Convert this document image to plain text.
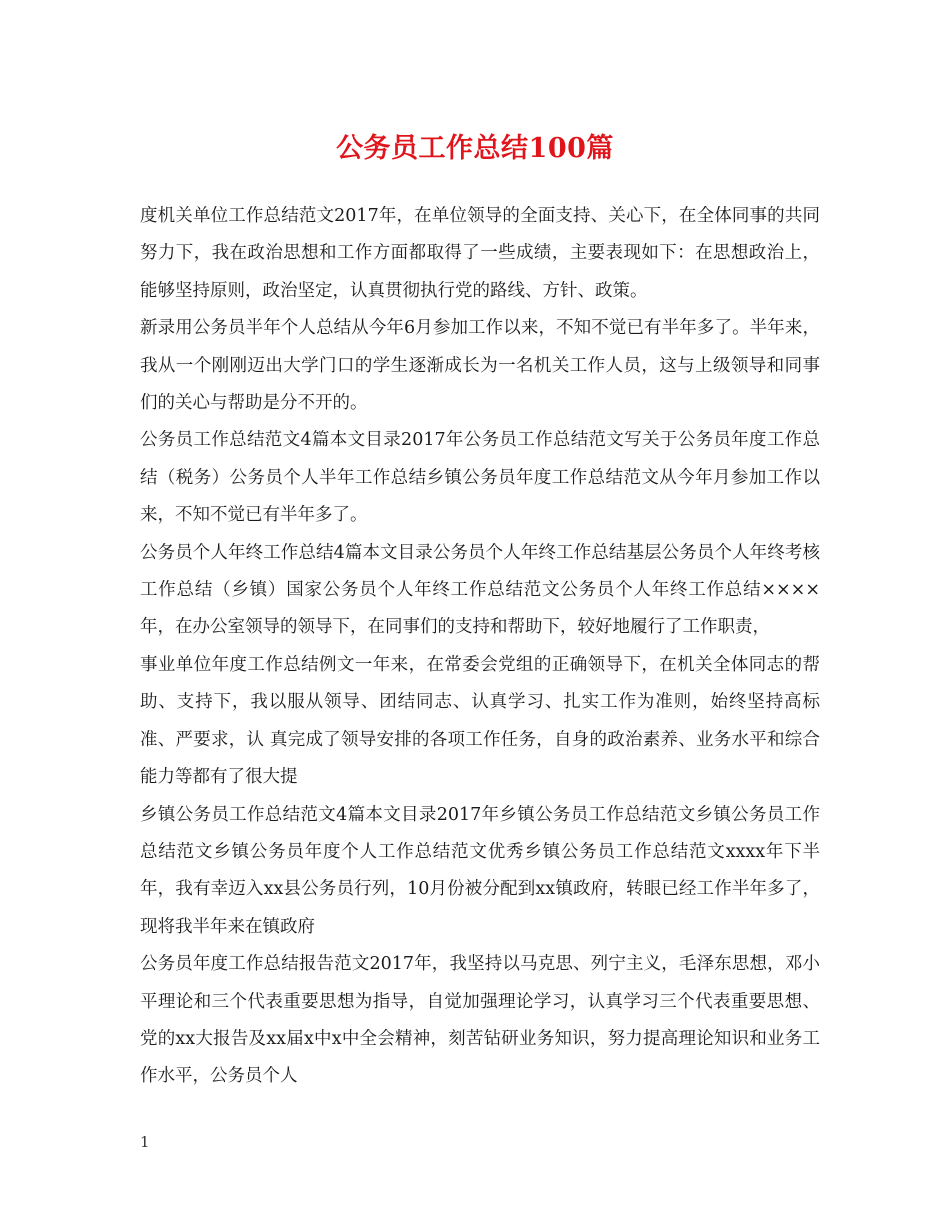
公务员工作总结100篇

度机关单位工作总结范文2017年，在单位领导的全面支持、关心下，在全体同事的共同努力下，我在政治思想和工作方面都取得了一些成绩，主要表现如下：在思想政治上，能够坚持原则，政治坚定，认真贯彻执行党的路线、方针、政策。

新录用公务员半年个人总结从今年6月参加工作以来，不知不觉已有半年多了。半年来，我从一个刚刚迈出大学门口的学生逐渐成长为一名机关工作人员，这与上级领导和同事们的关心与帮助是分不开的。

公务员工作总结范文4篇本文目录2017年公务员工作总结范文写关于公务员年度工作总结（税务）公务员个人半年工作总结乡镇公务员年度工作总结范文从今年月参加工作以来，不知不觉已有半年多了。

公务员个人年终工作总结4篇本文目录公务员个人年终工作总结基层公务员个人年终考核工作总结（乡镇）国家公务员个人年终工作总结范文公务员个人年终工作总结××××年，在办公室领导的领导下，在同事们的支持和帮助下，较好地履行了工作职责，

事业单位年度工作总结例文一年来，在常委会党组的正确领导下，在机关全体同志的帮助、支持下，我以服从领导、团结同志、认真学习、扎实工作为准则，始终坚持高标准、严要求，认 真完成了领导安排的各项工作任务，自身的政治素养、业务水平和综合能力等都有了很大提

乡镇公务员工作总结范文4篇本文目录2017年乡镇公务员工作总结范文乡镇公务员工作总结范文乡镇公务员年度个人工作总结范文优秀乡镇公务员工作总结范文xxxx年下半年，我有幸迈入xx县公务员行列，10月份被分配到xx镇政府，转眼已经工作半年多了，现将我半年来在镇政府

公务员年度工作总结报告范文2017年，我坚持以马克思、列宁主义，毛泽东思想，邓小平理论和三个代表重要思想为指导，自觉加强理论学习，认真学习三个代表重要思想、党的xx大报告及xx届x中x中全会精神，刻苦钻研业务知识，努力提高理论知识和业务工作水平，公务员个人

1
